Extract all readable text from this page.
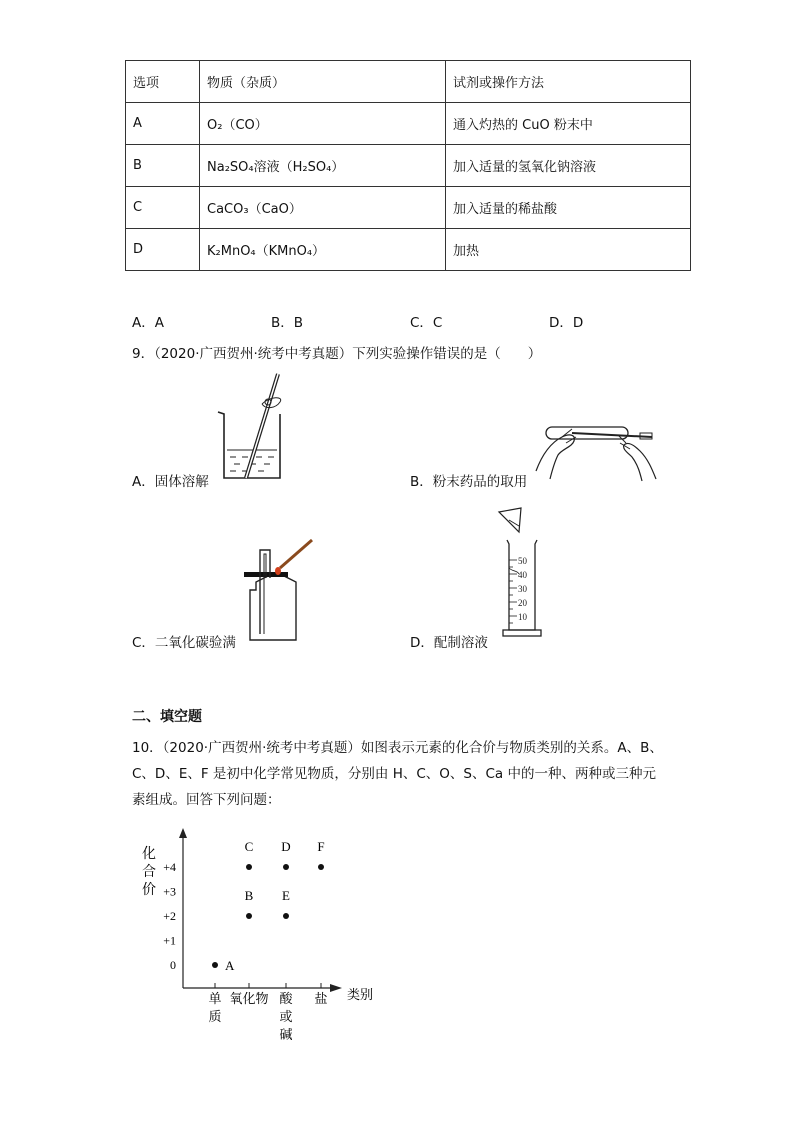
选项	物质（杂质）	试剂或操作方法
A	O₂（CO）	通入灼热的 CuO 粉末中
B	Na₂SO₄溶液（H₂SO₄）	加入适量的氢氧化钠溶液
C	CaCO₃（CaO）	加入适量的稀盐酸
D	K₂MnO₄（KMnO₄）	加热
A．A	B．B	C．C	D．D
9．（2020·广西贺州·统考中考真题）下列实验操作错误的是（　　）
A．固体溶解	B．粉末药品的取用
C．二氧化碳验满
50
40
30
20
10
D．配制溶液
二、填空题
10．（2020·广西贺州·统考中考真题）如图表示元素的化合价与物质类别的关系。A、B、
C、D、E、F 是初中化学常见物质，分别由 H、C、O、S、Ca 中的一种、两种或三种元
素组成。回答下列问题：
化
合
价
类别
0
+1
+2
+3
+4
单
质
氧化物 酸
或
碱
盐
A
B
C D
E
F
